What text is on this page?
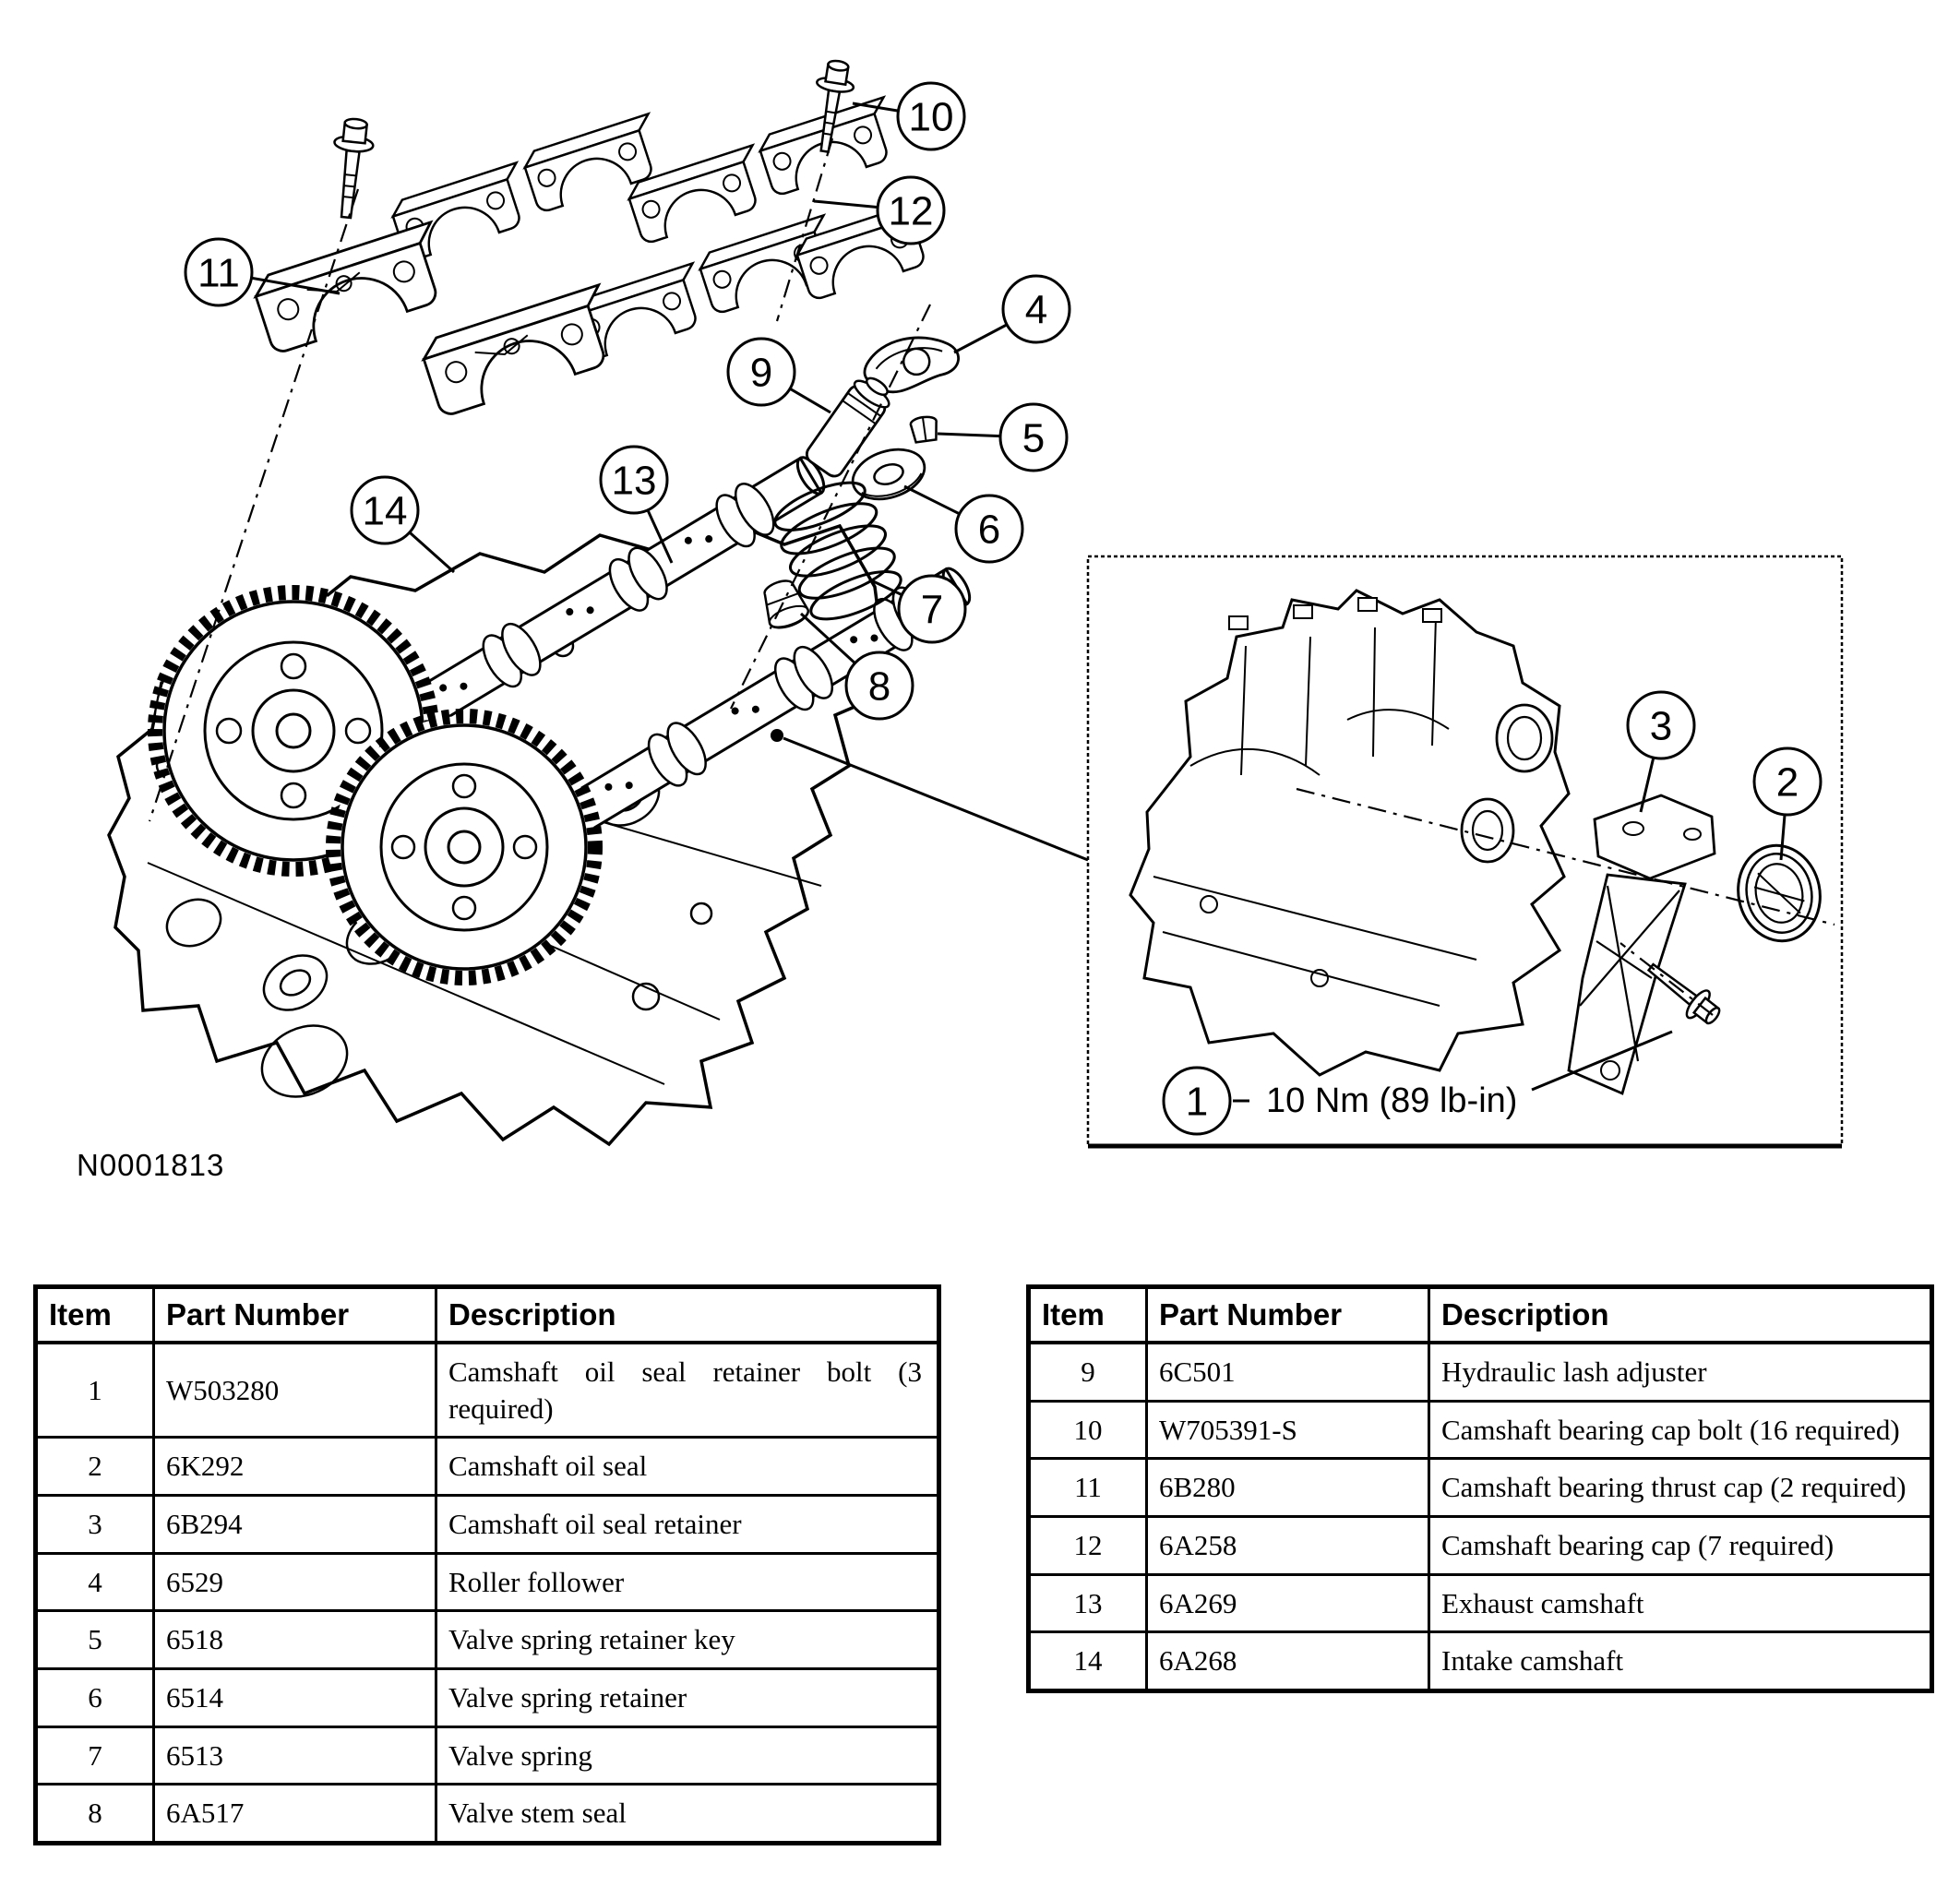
1
2
3
4
5
6
7
8
9
10
11
12
13
14
N0001813
10 Nm (89 lb-in)
Item	Part Number	Description
1	W503280	Camshaft oil seal retainer bolt (3 required)
2	6K292	Camshaft oil seal
3	6B294	Camshaft oil seal retainer
4	6529	Roller follower
5	6518	Valve spring retainer key
6	6514	Valve spring retainer
7	6513	Valve spring
8	6A517	Valve stem seal
Item	Part Number	Description
9	6C501	Hydraulic lash adjuster
10	W705391-S	Camshaft bearing cap bolt (16 required)
11	6B280	Camshaft bearing thrust cap (2 required)
12	6A258	Camshaft bearing cap (7 required)
13	6A269	Exhaust camshaft
14	6A268	Intake camshaft
